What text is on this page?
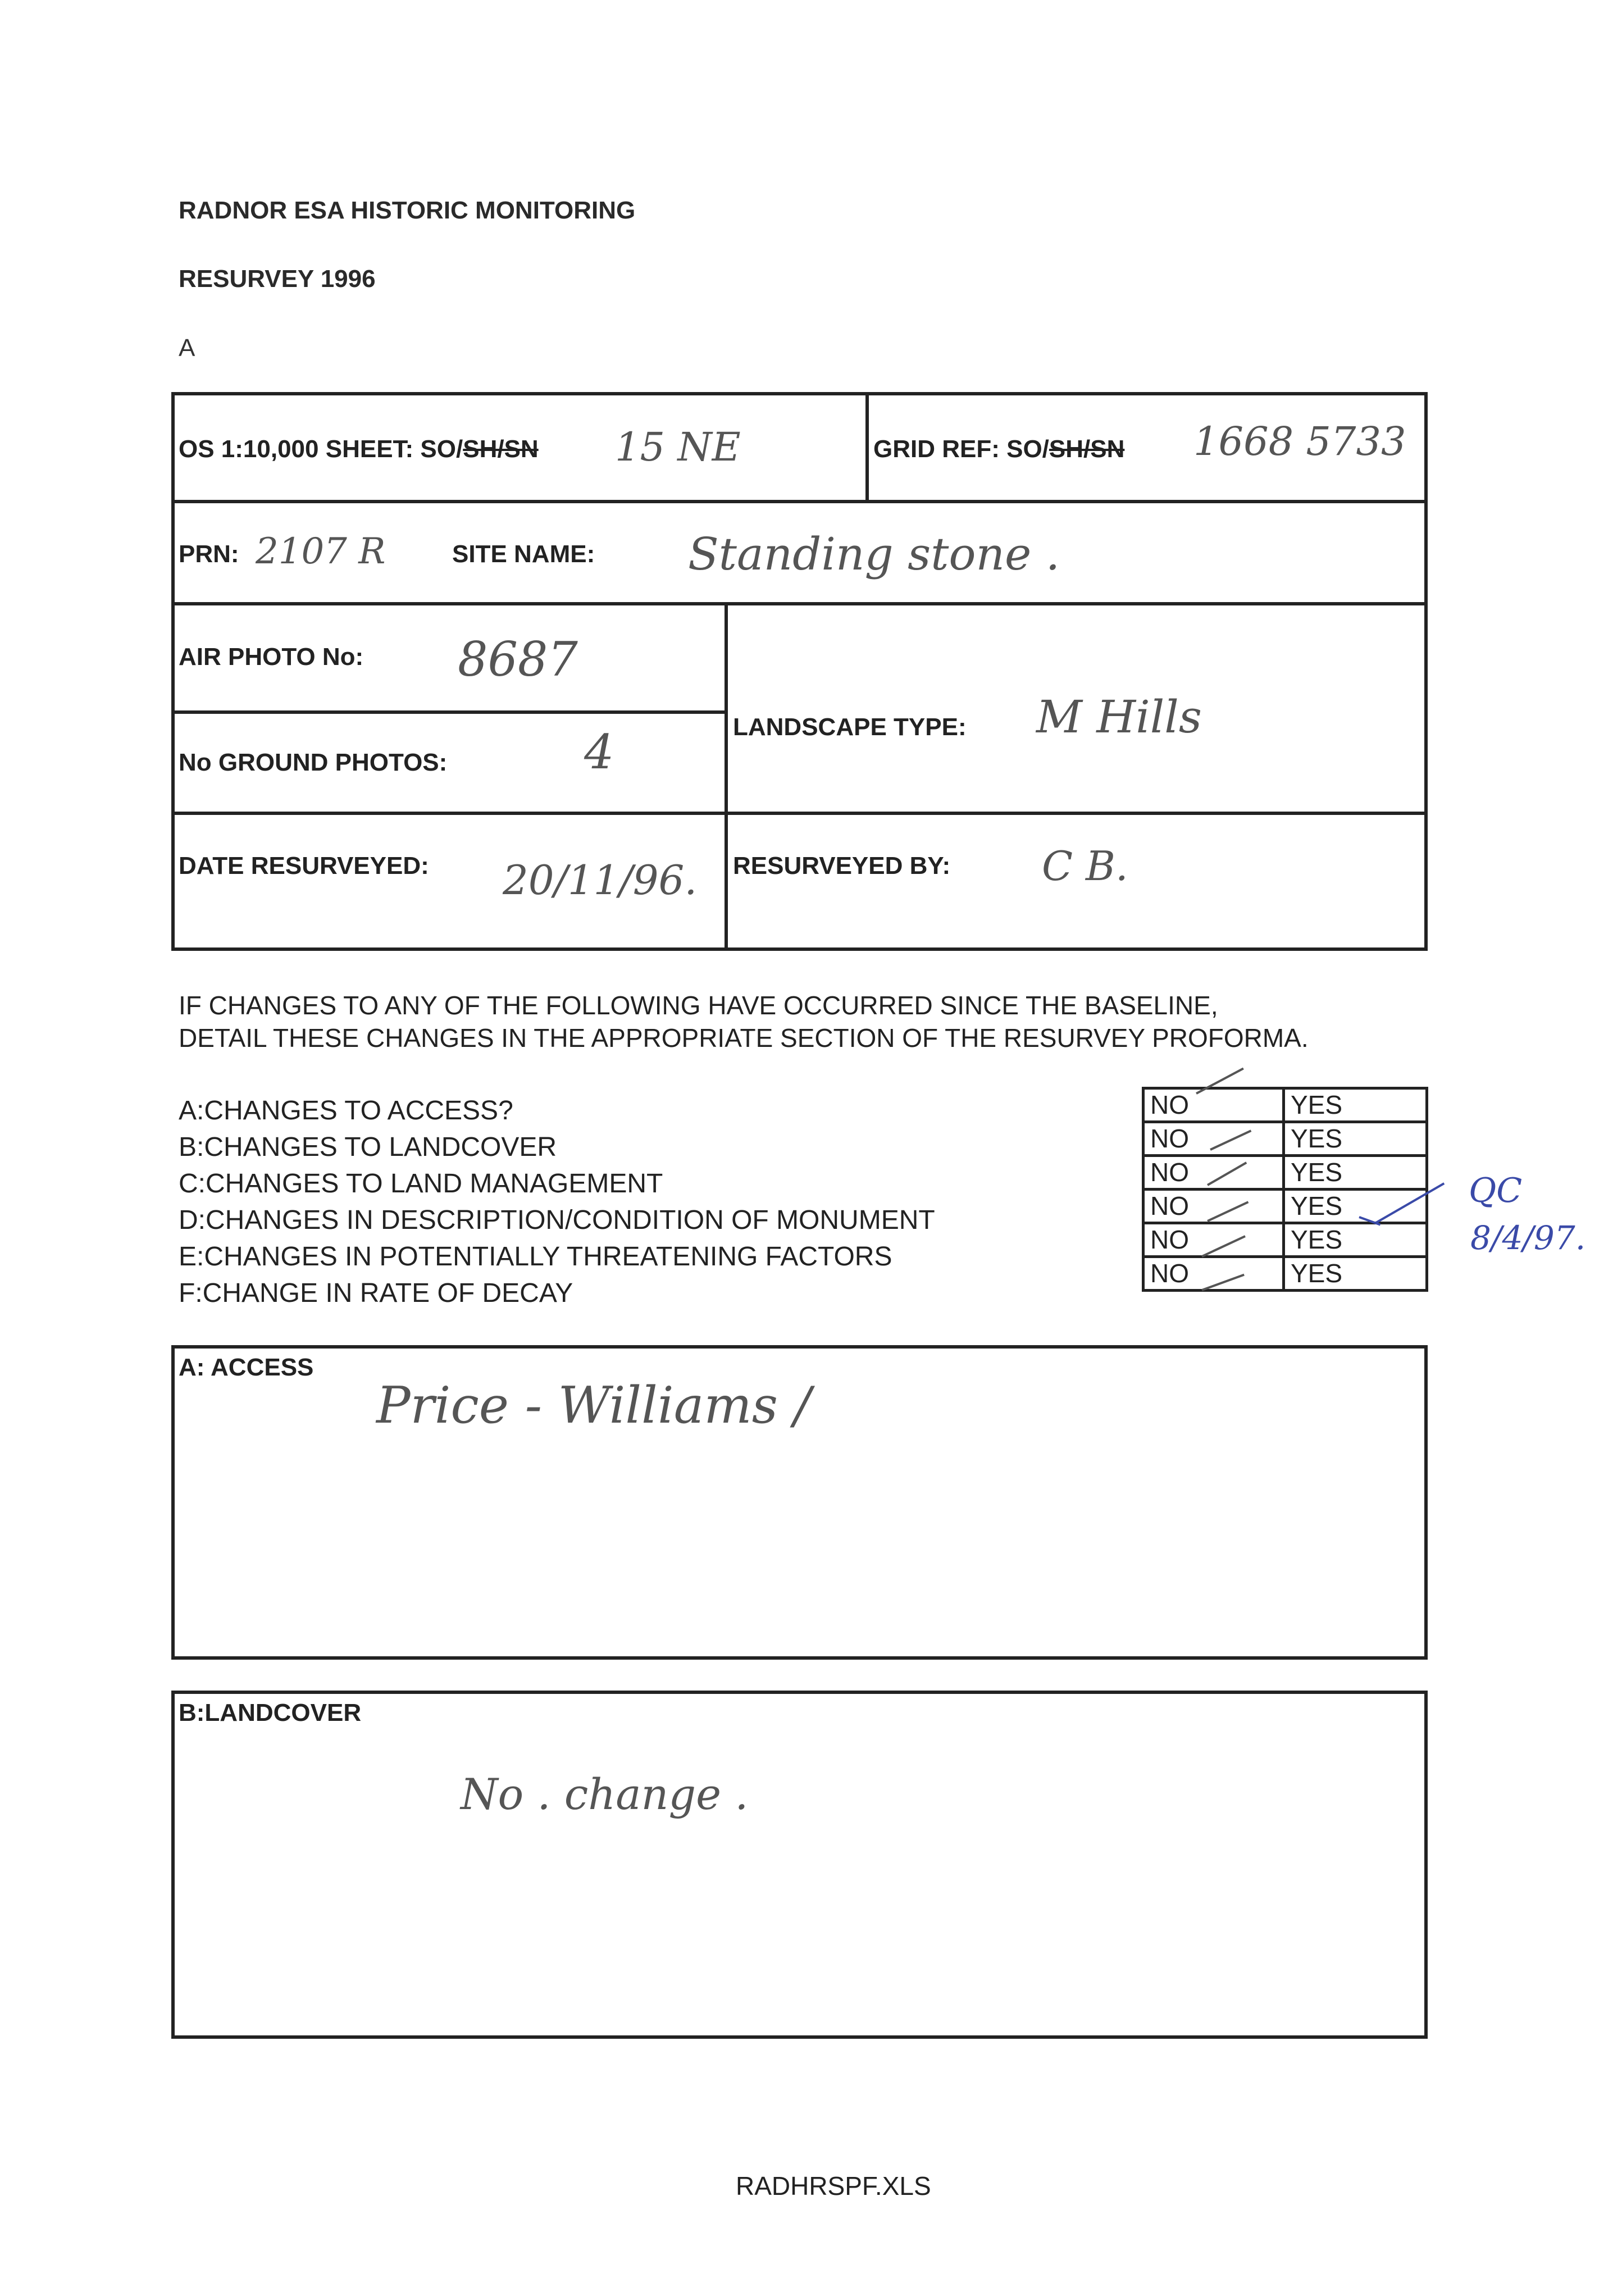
RADNOR ESA HISTORIC MONITORING
RESURVEY 1996
A
OS 1:10,000 SHEET: SO/SH/SN 15 NE	GRID REF: SO/SH/SN 1668 5733
PRN: 2107 R	SITE NAME: Standing stone .
AIR PHOTO No: 8687
No GROUND PHOTOS:	4	LANDSCAPE TYPE: M Hills
DATE RESURVEYED: 20/11/96. RESURVEYED BY: C B.
IF CHANGES TO ANY OF THE FOLLOWING HAVE OCCURRED SINCE THE BASELINE,
DETAIL THESE CHANGES IN THE APPROPRIATE SECTION OF THE RESURVEY PROFORMA.
A:CHANGES TO ACCESS?
B:CHANGES TO LANDCOVER
C:CHANGES TO LAND MANAGEMENT
D:CHANGES IN DESCRIPTION/CONDITION OF MONUMENT
E:CHANGES IN POTENTIALLY THREATENING FACTORS
F:CHANGE IN RATE OF DECAY
NO	YES
NO	YES
NO	YES
NO	YES
NO	YES
NO	YES
QC
8/4/97.
A: ACCESS
Price - Williams /
B:LANDCOVER
No . change .
RADHRSPF.XLS
